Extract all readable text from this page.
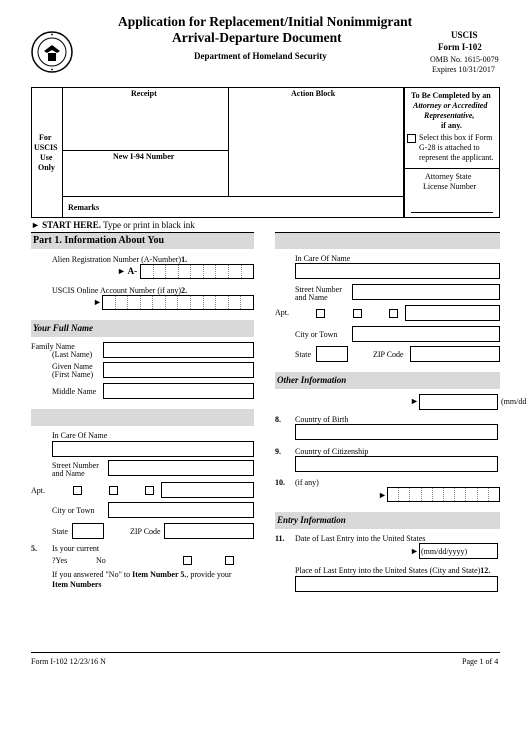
Application for Replacement/Initial Nonimmigrant
Arrival-Departure Document
Department of Homeland Security
USCIS
Form I-102
OMB No. 1615-0079
Expires 10/31/2017
For
USCIS
Use
Only
Receipt	Action Block
New I-94 Number
Remarks
To Be Completed by an
Attorney or Accredited
Representative,
if any.
Select this box if Form
G-28 is attached to
represent the applicant.
Attorney State
License Number
► START HERE. Type or print in black ink
Part 1. Information About You
Alien Registration Number (A-Number)1.
► A-
USCIS Online Account Number (if any)2.
►
Your Full Name
Family Name
(Last Name)
Given Name
(First Name)
Middle Name
In Care Of Name
Street Number
and Name
Apt.
City or Town
State	ZIP Code
5. Is your current
?Yes	No
If you answered "No" to Item Number 5., provide your
Item Numbers
In Care Of Name
Street Number
and Name
Apt.
City or Town
State	ZIP Code
Other Information
►	(mm/dd
8. Country of Birth
9. Country of Citizenship
10. (if any)
►
Entry Information
11. Date of Last Entry into the United States
► (mm/dd/yyyy)
Place of Last Entry into the United States (City and State)12.
Form I-102 12/23/16 N	Page 1 of 4
